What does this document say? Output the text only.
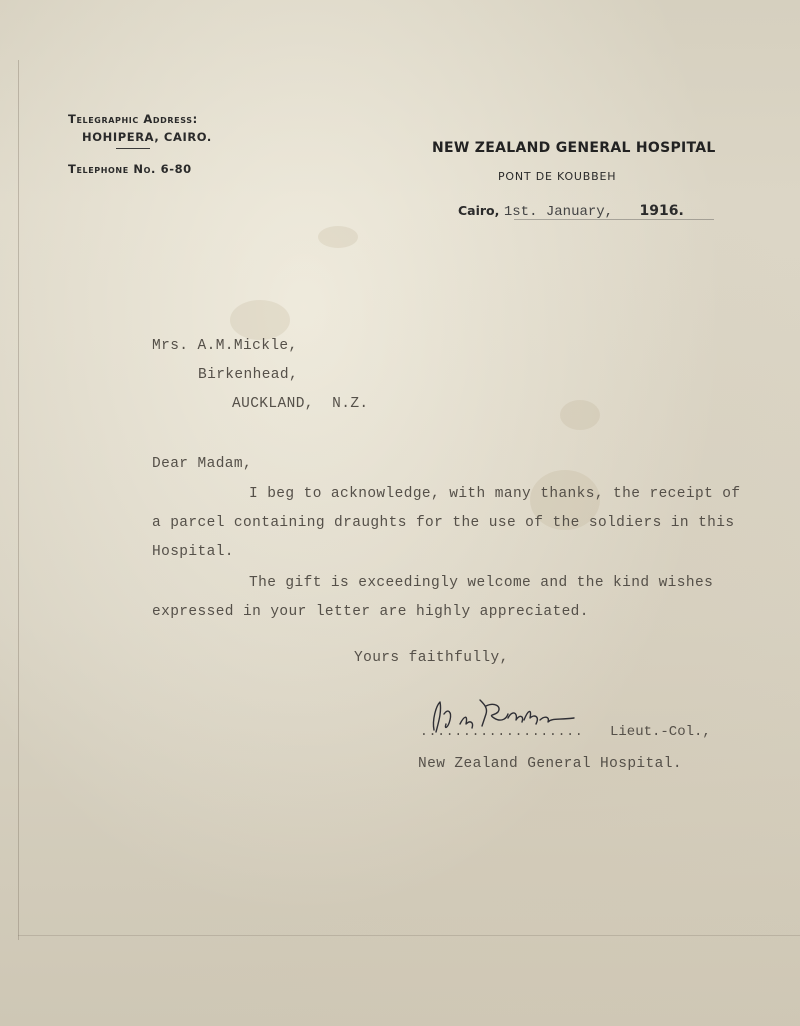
Telegraphic Address:
HOHIPERA, CAIRO.
Telephone No. 6-80
NEW ZEALAND GENERAL HOSPITAL
PONT DE KOUBBEH
Cairo, 1st. January, 1916.
Mrs. A.M.Mickle,
Birkenhead,
AUCKLAND,  N.Z.
Dear Madam,
I beg to acknowledge, with many thanks, the receipt of
a parcel containing draughts for the use of the soldiers in this
Hospital.
The gift is exceedingly welcome and the kind wishes
expressed in your letter are highly appreciated.
Yours faithfully,
................... Lieut.-Col.,
New Zealand General Hospital.
